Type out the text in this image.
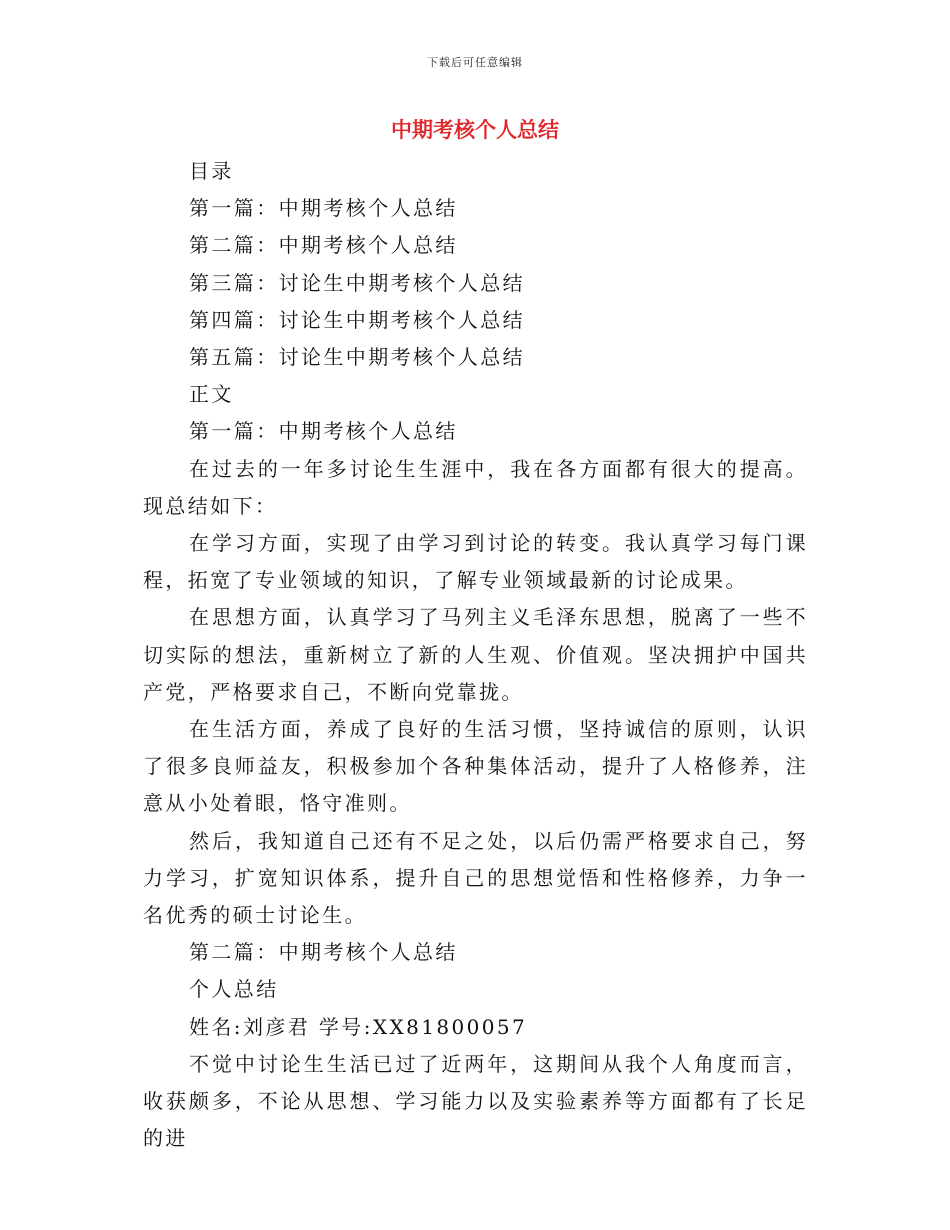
下载后可任意编辑
中期考核个人总结

目录

第一篇：中期考核个人总结

第二篇：中期考核个人总结

第三篇：讨论生中期考核个人总结

第四篇：讨论生中期考核个人总结

第五篇：讨论生中期考核个人总结

正文

第一篇：中期考核个人总结

在过去的一年多讨论生生涯中，我在各方面都有很大的提高。现总结如下：

在学习方面，实现了由学习到讨论的转变。我认真学习每门课程，拓宽了专业领域的知识，了解专业领域最新的讨论成果。

在思想方面，认真学习了马列主义毛泽东思想，脱离了一些不切实际的想法，重新树立了新的人生观、价值观。坚决拥护中国共产党，严格要求自己，不断向党靠拢。

在生活方面，养成了良好的生活习惯，坚持诚信的原则，认识了很多良师益友，积极参加个各种集体活动，提升了人格修养，注意从小处着眼，恪守准则。

然后，我知道自己还有不足之处，以后仍需严格要求自己，努力学习，扩宽知识体系，提升自己的思想觉悟和性格修养，力争一名优秀的硕士讨论生。

第二篇：中期考核个人总结

个人总结

姓名:刘彦君 学号:XX81800057

不觉中讨论生生活已过了近两年，这期间从我个人角度而言，收获颇多，不论从思想、学习能力以及实验素养等方面都有了长足的进
